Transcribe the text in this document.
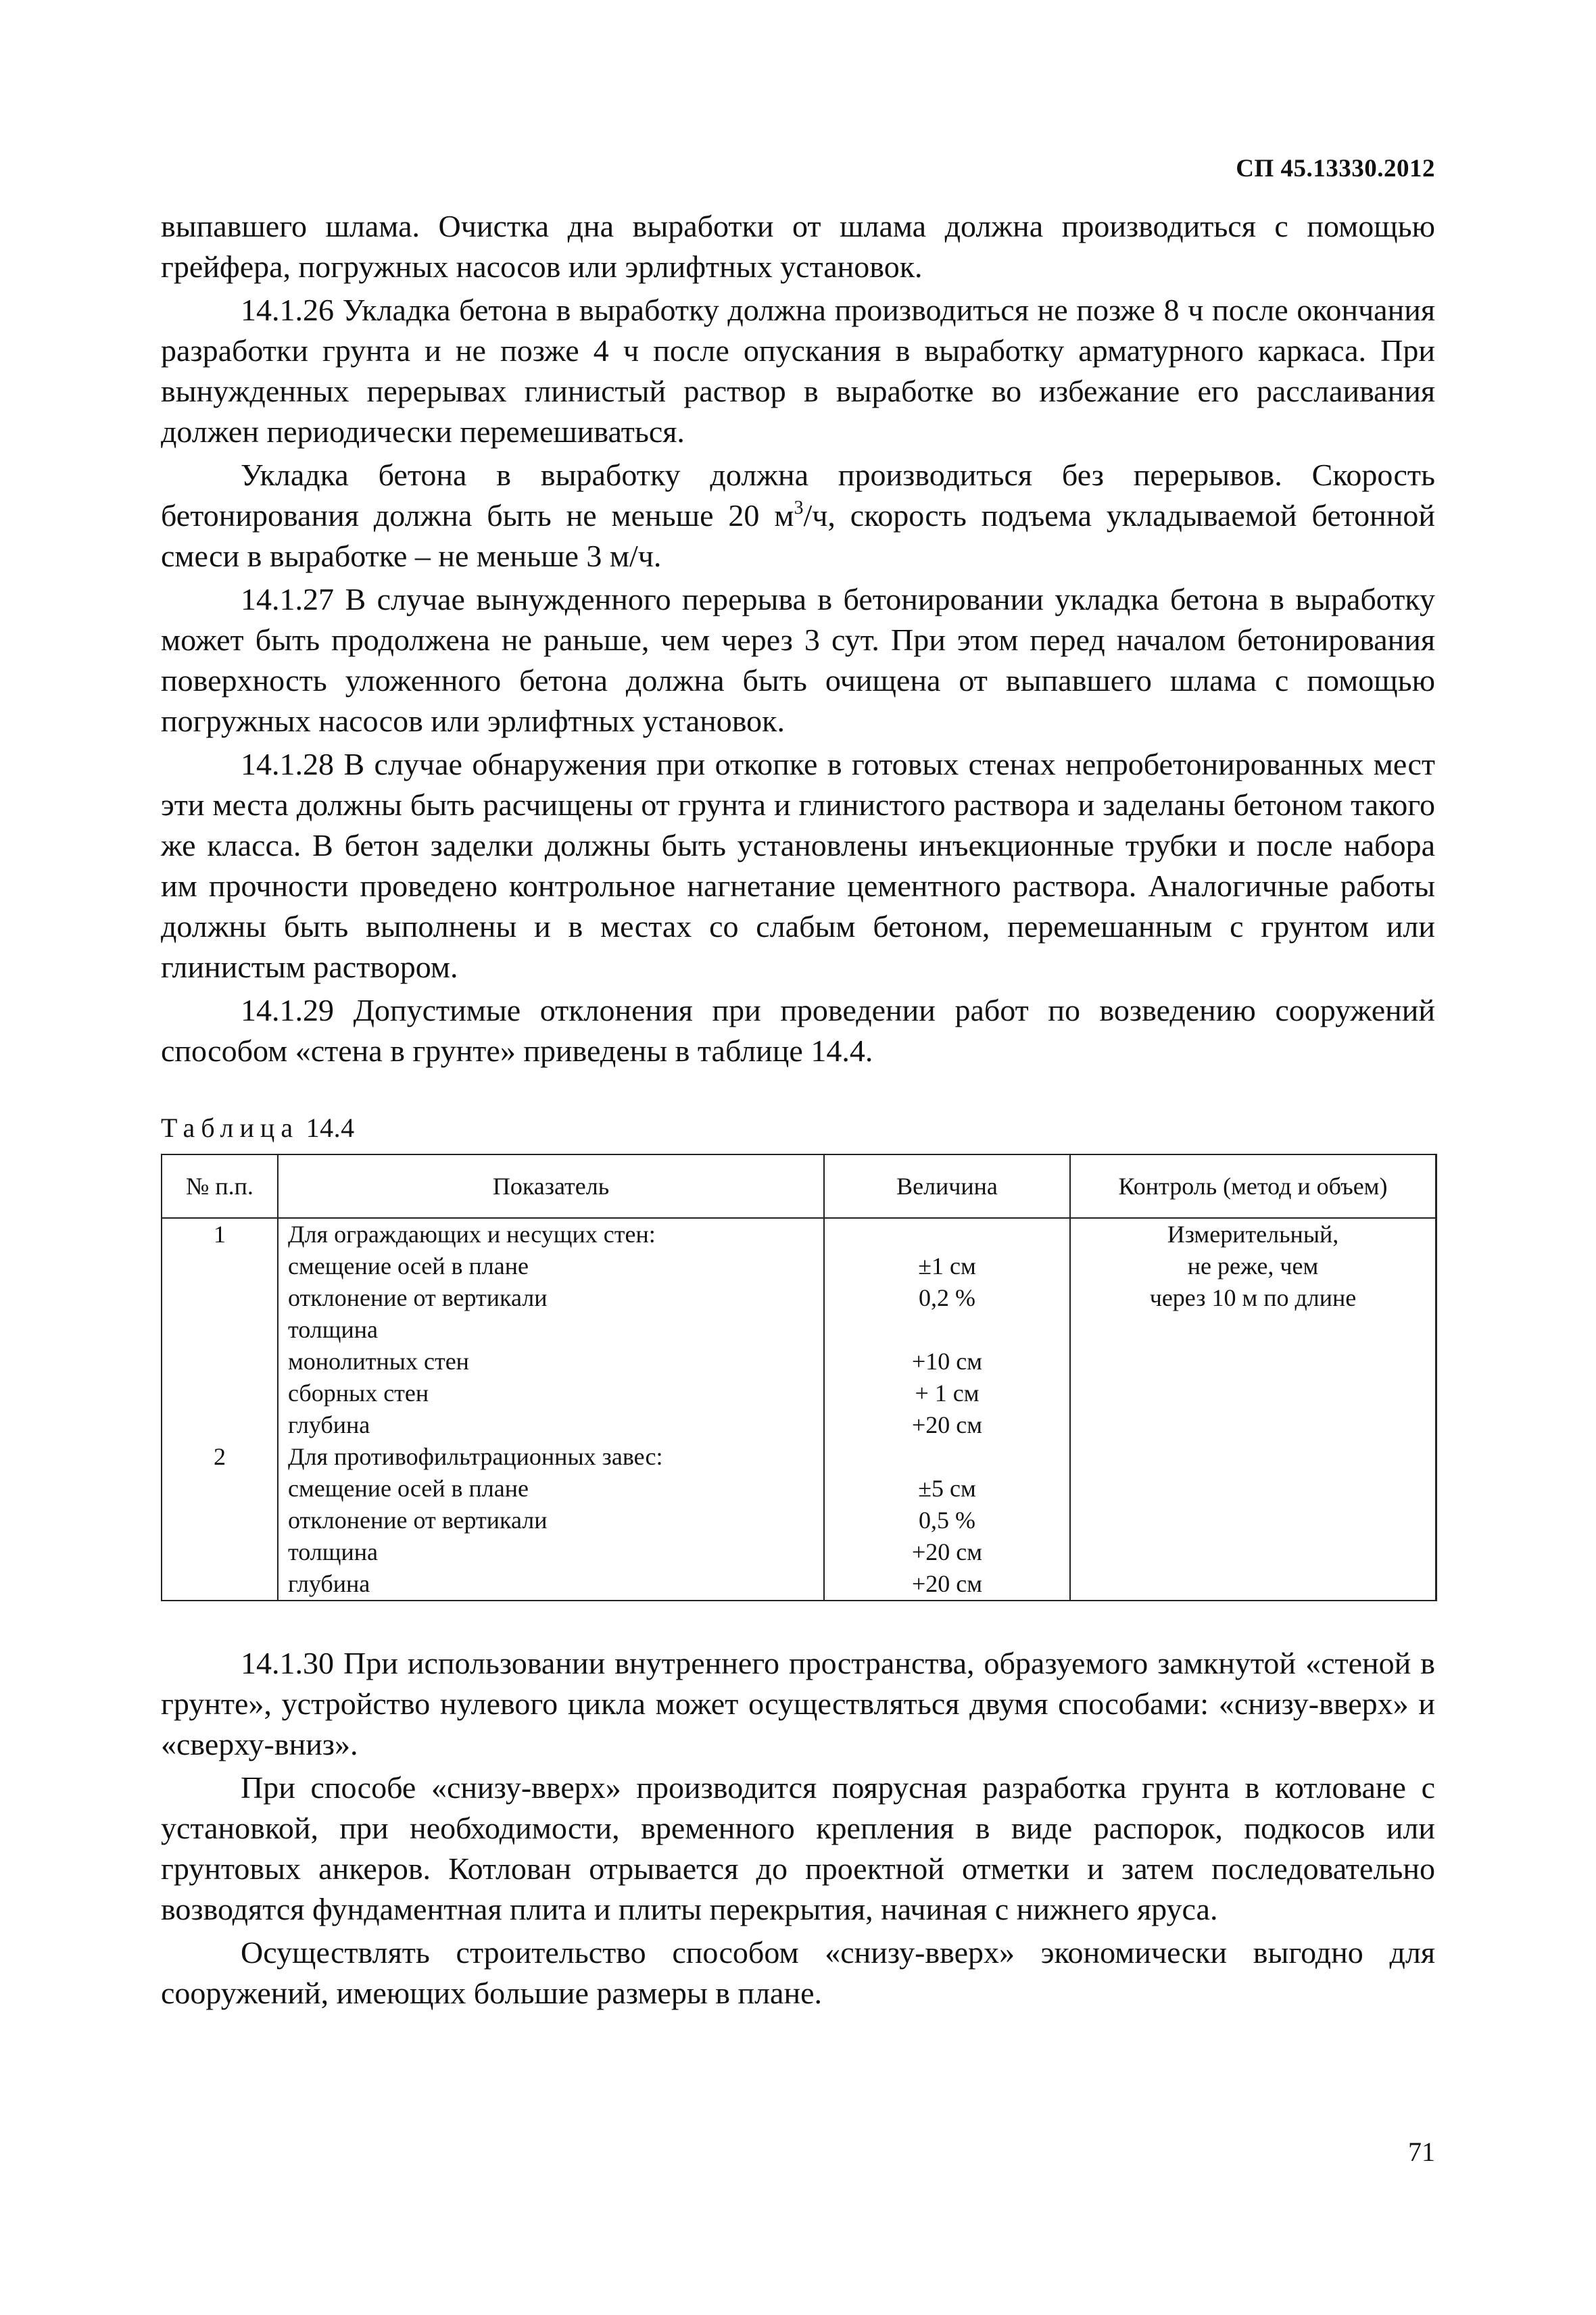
СП 45.13330.2012

выпавшего шлама. Очистка дна выработки от шлама должна производиться с помощью грейфера, погружных насосов или эрлифтных установок.

14.1.26 Укладка бетона в выработку должна производиться не позже 8 ч после окончания разработки грунта и не позже 4 ч после опускания в выработку арматурного каркаса. При вынужденных перерывах глинистый раствор в выработке во избежание его расслаивания должен периодически перемешиваться.

Укладка бетона в выработку должна производиться без перерывов. Скорость бетонирования должна быть не меньше 20 $м^3/ч$, скорость подъема укладываемой бетонной смеси в выработке – не меньше 3 м/ч.

14.1.27 В случае вынужденного перерыва в бетонировании укладка бетона в выработку может быть продолжена не раньше, чем через 3 сут. При этом перед началом бетонирования поверхность уложенного бетона должна быть очищена от выпавшего шлама с помощью погружных насосов или эрлифтных установок.

14.1.28 В случае обнаружения при откопке в готовых стенах непробетонированных мест эти места должны быть расчищены от грунта и глинистого раствора и заделаны бетоном такого же класса. В бетон заделки должны быть установлены инъекционные трубки и после набора им прочности проведено контрольное нагнетание цементного раствора. Аналогичные работы должны быть выполнены и в местах со слабым бетоном, перемешанным с грунтом или глинистым раствором.

14.1.29 Допустимые отклонения при проведении работ по возведению сооружений способом «стена в грунте» приведены в таблице 14.4.

Таблица 14.4
№ п.п.	Показатель	Величина	Контроль (метод и объем)
1	Для ограждающих и несущих стен:		Измерительный,
	смещение осей в плане	±1 см	не реже, чем
	отклонение от вертикали	0,2 %	через 10 м по длине
	толщина		
	монолитных стен	+10 см	
	сборных стен	+ 1 см	
	глубина	+20 см	
2	Для противофильтрационных завес:		
	смещение осей в плане	±5 см	
	отклонение от вертикали	0,5 %	
	толщина	+20 см	
	глубина	+20 см	

14.1.30 При использовании внутреннего пространства, образуемого замкнутой «стеной в грунте», устройство нулевого цикла может осуществляться двумя способами: «снизу-вверх» и «сверху-вниз».

При способе «снизу-вверх» производится поярусная разработка грунта в котловане с установкой, при необходимости, временного крепления в виде распорок, подкосов или грунтовых анкеров. Котлован отрывается до проектной отметки и затем последовательно возводятся фундаментная плита и плиты перекрытия, начиная с нижнего яруса.

Осуществлять строительство способом «снизу-вверх» экономически выгодно для сооружений, имеющих большие размеры в плане.

71
